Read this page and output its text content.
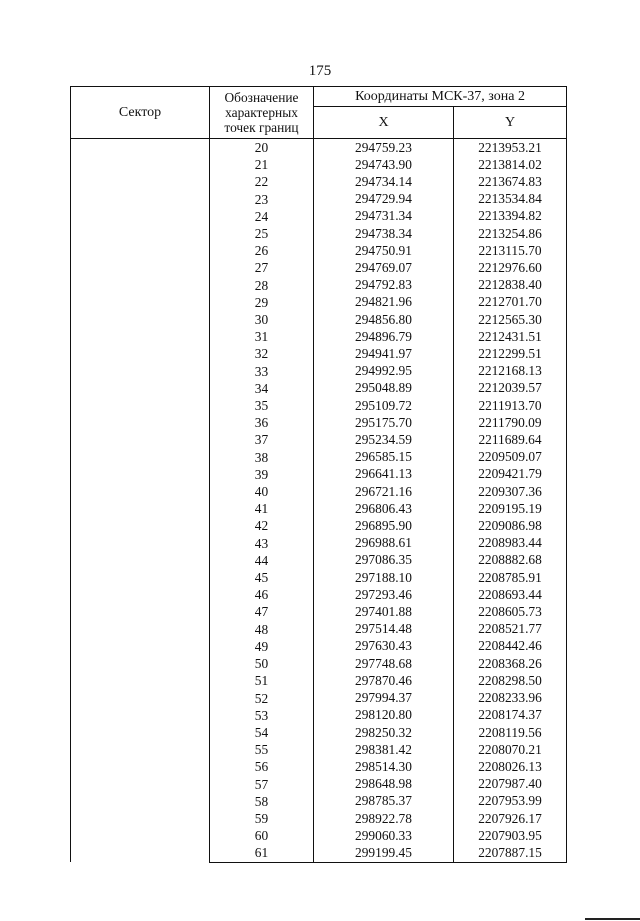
175
Сектор	Обозначение
характерных
точек границ	Координаты МСК-37, зона 2	
		X	Y
	20	294759.23	2213953.21
	21	294743.90	2213814.02
	22	294734.14	2213674.83
	23	294729.94	2213534.84
	24	294731.34	2213394.82
	25	294738.34	2213254.86
	26	294750.91	2213115.70
	27	294769.07	2212976.60
	28	294792.83	2212838.40
	29	294821.96	2212701.70
	30	294856.80	2212565.30
	31	294896.79	2212431.51
	32	294941.97	2212299.51
	33	294992.95	2212168.13
	34	295048.89	2212039.57
	35	295109.72	2211913.70
	36	295175.70	2211790.09
	37	295234.59	2211689.64
	38	296585.15	2209509.07
	39	296641.13	2209421.79
	40	296721.16	2209307.36
	41	296806.43	2209195.19
	42	296895.90	2209086.98
	43	296988.61	2208983.44
	44	297086.35	2208882.68
	45	297188.10	2208785.91
	46	297293.46	2208693.44
	47	297401.88	2208605.73
	48	297514.48	2208521.77
	49	297630.43	2208442.46
	50	297748.68	2208368.26
	51	297870.46	2208298.50
	52	297994.37	2208233.96
	53	298120.80	2208174.37
	54	298250.32	2208119.56
	55	298381.42	2208070.21
	56	298514.30	2208026.13
	57	298648.98	2207987.40
	58	298785.37	2207953.99
	59	298922.78	2207926.17
	60	299060.33	2207903.95
	61	299199.45	2207887.15
